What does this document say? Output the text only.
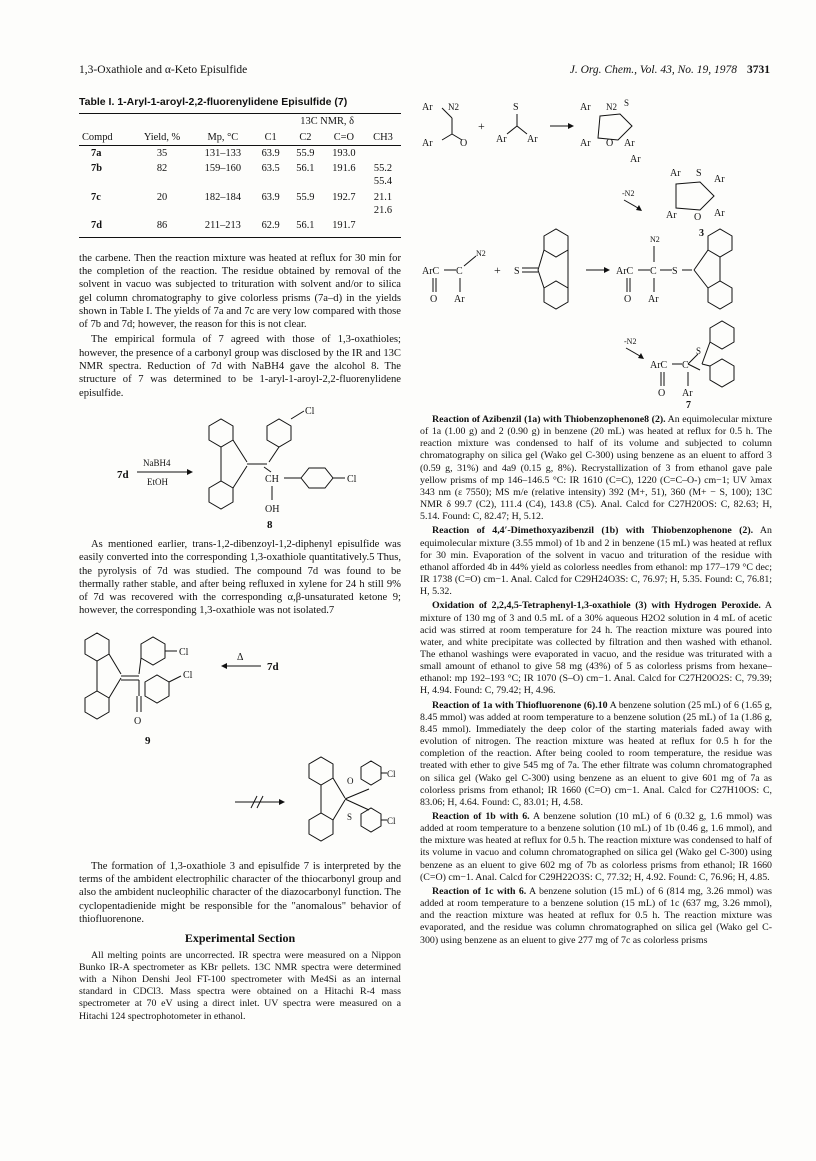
1,3-Oxathiole and α-Keto Episulfide	J. Org. Chem., Vol. 43, No. 19, 1978 3731
Table I. 1-Aryl-1-aroyl-2,2-fluorenylidene Episulfide (7)
			13C NMR, δ			
Compd	Yield, %	Mp, °C	C1	C2	C=O	CH3
7a	35	131–133	63.9	55.9	193.0	
7b	82	159–160	63.5	56.1	191.6	55.2 55.4
7c	20	182–184	63.9	55.9	192.7	21.1 21.6
7d	86	211–213	62.9	56.1	191.7	

the carbene. Then the reaction mixture was heated at reflux for 30 min for the completion of the reaction. The residue obtained by removal of the solvent in vacuo was subjected to trituration with solvent and/or to silica gel column chromatography to give colorless prisms (7a–d) in the yields shown in Table I. The yields of 7a and 7c are very low compared with those of 7b and 7d; however, the reason for this is not clear.

The empirical formula of 7 agreed with those of 1,3-oxathioles; however, the presence of a carbonyl group was disclosed by the IR and 13C NMR spectra. Reduction of 7d with NaBH4 gave the alcohol 8. The structure of 7 was determined to be 1-aryl-1-aroyl-2,2-fluorenylidene episulfide.

7d
NaBH4
EtOH
Cl
CH	Cl
OH
8

As mentioned earlier, trans-1,2-dibenzoyl-1,2-diphenyl episulfide was easily converted into the corresponding 1,3-oxathiole quantitatively.5 Thus, the pyrolysis of 7d was studied. The compound 7d was found to be thermally rather stable, and after being refluxed in xylene for 24 h still 9% of 7d was recovered with the corresponding α,β-unsaturated ketone 9; however, the corresponding 1,3-oxathiole was not isolated.7

Cl
Cl
O
9
Δ
7d
O
S
Cl
Cl

The formation of 1,3-oxathiole 3 and episulfide 7 is interpreted by the terms of the ambident electrophilic character of the thiocarbonyl group and also the ambident nucleophilic character of the diazocarbonyl function. The cyclopentadienide might be responsible for the "anomalous" behavior of thiofluorenone.

Experimental Section

All melting points are uncorrected. IR spectra were measured on a Nippon Bunko IR-A spectrometer as KBr pellets. 13C NMR spectra were determined with a Nihon Denshi Jeol FT-100 spectrometer with Me4Si as an internal standard in CDCl3. Mass spectra were obtained on a Hitachi R-4 mass spectrometer at 70 eV using a direct inlet. UV spectra were measured on a Hitachi 124 spectrophotometer in ethanol.

Ar N2
Ar	O
+
S
Ar Ar
Ar N2 S
Ar O Ar
Ar
-N2
Ar S
Ar
Ar O Ar
3
ArC C
N2
O Ar
+ S	ArC C
N2
S
O Ar
-N2
ArC C
S
O Ar
7

Reaction of Azibenzil (1a) with Thiobenzophenone8 (2). An equimolecular mixture of 1a (1.00 g) and 2 (0.90 g) in benzene (20 mL) was heated at reflux for 0.5 h. The reaction mixture was condensed to half of its volume and subjected to column chromatography on silica gel (Wako gel C-300) using benzene as an eluent to afford 3 (0.59 g, 31%) and 4a9 (0.15 g, 8%). Recrystallization of 3 from ethanol gave pale yellow prisms of mp 146–146.5 °C: IR 1610 (C=C), 1220 (C=C–O-) cm−1; UV λmax 343 nm (ε 7550); MS m/e (relative intensity) 392 (M+, 51), 360 (M+ − S, 100); 13C NMR δ 99.7 (C2), 111.4 (C4), 143.8 (C5). Anal. Calcd for C27H20OS: C, 82.63; H, 5.14. Found: C, 82.47; H, 5.12.

Reaction of 4,4′-Dimethoxyazibenzil (1b) with Thiobenzophenone (2). An equimolecular mixture (3.55 mmol) of 1b and 2 in benzene (15 mL) was heated at reflux for 30 min. Evaporation of the solvent in vacuo and trituration of the residue with ethanol afforded 4b in 44% yield as colorless needles from ethanol: mp 177–179 °C dec; IR 1738 (C=O) cm−1. Anal. Calcd for C29H24O3S: C, 76.97; H, 5.35. Found: C, 76.81; H, 5.32.

Oxidation of 2,2,4,5-Tetraphenyl-1,3-oxathiole (3) with Hydrogen Peroxide. A mixture of 130 mg of 3 and 0.5 mL of a 30% aqueous H2O2 solution in 4 mL of acetic acid was stirred at room temperature for 24 h. The reaction mixture was poured into water, and white precipitate was collected by filtration and then washed with ethanol. The ethanol washings were evaporated in vacuo, and the residue was triturated with a small amount of ethanol to give 58 mg (43%) of 5 as colorless prisms from hexane–ethanol: mp 192–193 °C; IR 1070 (S–O) cm−1. Anal. Calcd for C27H20O2S: C, 79.39; H, 4.94. Found: C, 79.42; H, 4.96.

Reaction of 1a with Thiofluorenone (6).10 A benzene solution (25 mL) of 6 (1.65 g, 8.45 mmol) was added at room temperature to a benzene solution (25 mL) of 1a (1.86 g, 8.45 mmol). Immediately the deep color of the starting materials faded away with evolution of nitrogen. The reaction mixture was heated at reflux for 0.5 h for the completion of the reaction. After being cooled to room temperature, the residue was treated with ether to give 545 mg of 7a. The ether filtrate was column chromatographed on silica gel (Wako gel C-300) using benzene as an eluent to give 601 mg of 7a as colorless prisms from ethanol; IR 1660 (C=O) cm−1. Anal. Calcd for C27H10OS: C, 83.06; H, 4.64. Found: C, 83.01; H, 4.58.

Reaction of 1b with 6. A benzene solution (10 mL) of 6 (0.32 g, 1.6 mmol) was added at room temperature to a benzene solution (10 mL) of 1b (0.46 g, 1.6 mmol), and the mixture was heated at reflux for 0.5 h. The reaction mixture was condensed to half of its volume in vacuo and column chromatographed on silica gel (Wako gel C-300) using benzene as an eluent to give 602 mg of 7b as colorless prisms from ethanol; IR 1660 (C=O) cm−1. Anal. Calcd for C29H22O3S: C, 77.32; H, 4.92. Found: C, 76.96; H, 4.85.

Reaction of 1c with 6. A benzene solution (15 mL) of 6 (814 mg, 3.26 mmol) was added at room temperature to a benzene solution (15 mL) of 1c (637 mg, 3.26 mmol), and the reaction mixture was heated at reflux for 0.5 h. The reaction mixture was evaporated, and the residue was column chromatographed on silica gel (Wako gel C-300) using benzene as an eluent to give 277 mg of 7c as colorless prisms
